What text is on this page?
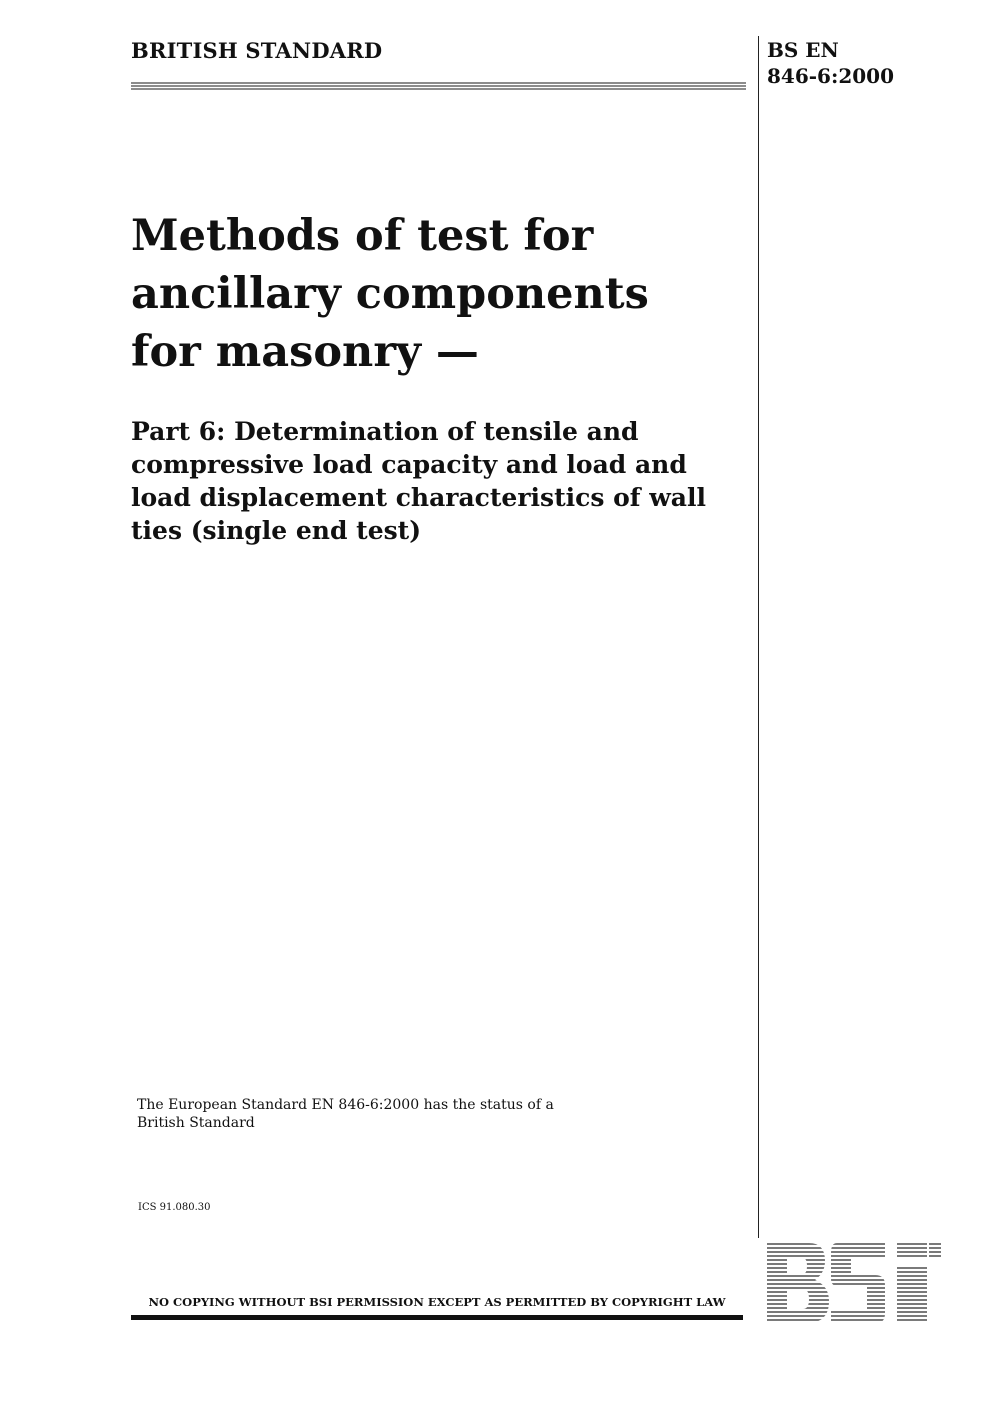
BRITISH STANDARD	BS EN
846-6:2000
Methods of test for
ancillary components
for masonry —
Part 6: Determination of tensile and
compressive load capacity and load and
load displacement characteristics of wall
ties (single end test)
The European Standard EN 846-6:2000 has the status of a
British Standard
ICS 91.080.30
NO COPYING WITHOUT BSI PERMISSION EXCEPT AS PERMITTED BY COPYRIGHT LAW
